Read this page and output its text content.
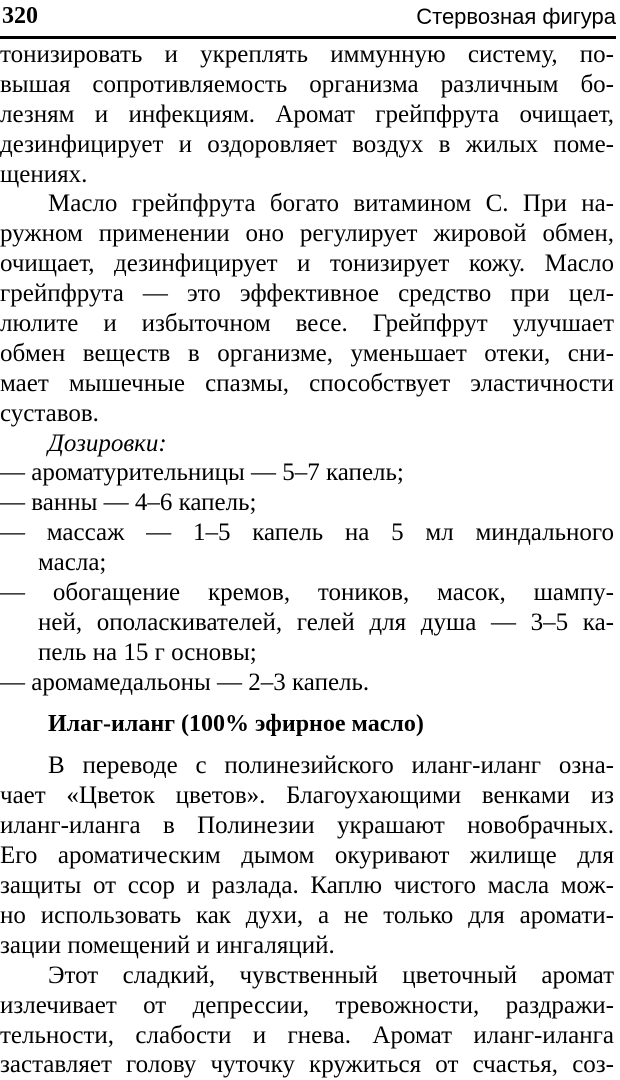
320	Стервозная фигура
тонизировать и укреплять иммунную систему, по-
вышая сопротивляемость организма различным бо-
лезням и инфекциям. Аромат грейпфрута очищает,
дезинфицирует и оздоровляет воздух в жилых поме-
щениях.
Масло грейпфрута богато витамином С. При на-
ружном применении оно регулирует жировой обмен,
очищает, дезинфицирует и тонизирует кожу. Масло
грейпфрута — это эффективное средство при цел-
люлите и избыточном весе. Грейпфрут улучшает
обмен веществ в организме, уменьшает отеки, сни-
мает мышечные спазмы, способствует эластичности
суставов.
Дозировки:
— ароматурительницы — 5–7 капель;
— ванны — 4–6 капель;
— массаж — 1–5 капель на 5 мл миндального
масла;
— обогащение кремов, тоников, масок, шампу-
ней, ополаскивателей, гелей для душа — 3–5 ка-
пель на 15 г основы;
— аромамедальоны — 2–3 капель.
Илаг-иланг (100% эфирное масло)
В переводе с полинезийского иланг-иланг озна-
чает «Цветок цветов». Благоухающими венками из
иланг-иланга в Полинезии украшают новобрачных.
Его ароматическим дымом окуривают жилище для
защиты от ссор и разлада. Каплю чистого масла мож-
но использовать как духи, а не только для аромати-
зации помещений и ингаляций.
Этот сладкий, чувственный цветочный аромат
излечивает от депрессии, тревожности, раздражи-
тельности, слабости и гнева. Аромат иланг-иланга
заставляет голову чуточку кружиться от счастья, соз-
